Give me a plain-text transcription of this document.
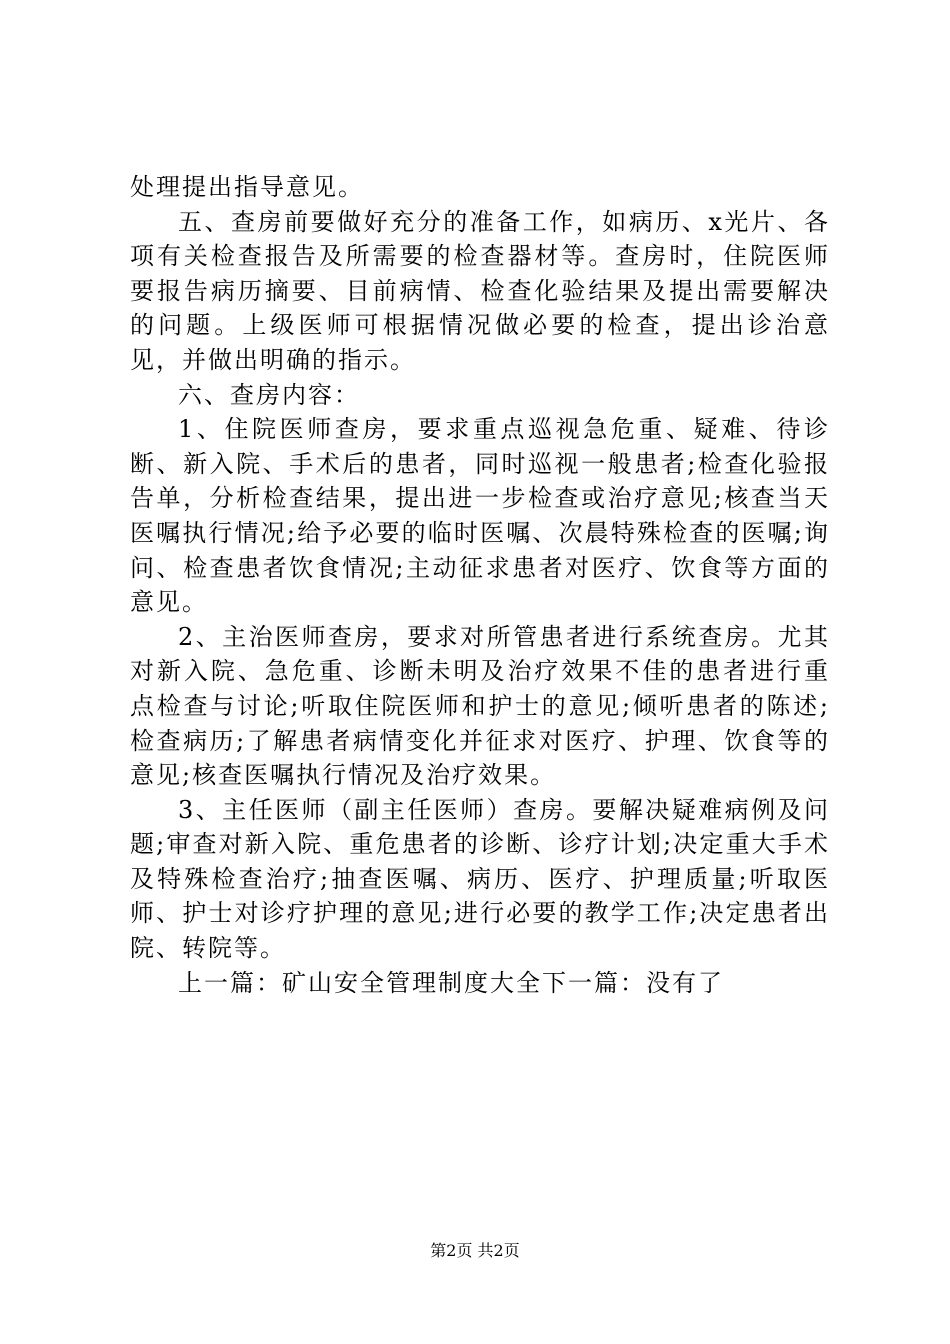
处理提出指导意见。

五、查房前要做好充分的准备工作，如病历、x光片、各项有关检查报告及所需要的检查器材等。查房时，住院医师要报告病历摘要、目前病情、检查化验结果及提出需要解决的问题。上级医师可根据情况做必要的检查，提出诊治意见，并做出明确的指示。

六、查房内容：

1、住院医师查房，要求重点巡视急危重、疑难、待诊断、新入院、手术后的患者，同时巡视一般患者;检查化验报告单，分析检查结果，提出进一步检查或治疗意见;核查当天医嘱执行情况;给予必要的临时医嘱、次晨特殊检查的医嘱;询问、检查患者饮食情况;主动征求患者对医疗、饮食等方面的意见。

2、主治医师查房，要求对所管患者进行系统查房。尤其对新入院、急危重、诊断未明及治疗效果不佳的患者进行重点检查与讨论;听取住院医师和护士的意见;倾听患者的陈述;检查病历;了解患者病情变化并征求对医疗、护理、饮食等的意见;核查医嘱执行情况及治疗效果。

3、主任医师（副主任医师）查房。要解决疑难病例及问题;审查对新入院、重危患者的诊断、诊疗计划;决定重大手术及特殊检查治疗;抽查医嘱、病历、医疗、护理质量;听取医师、护士对诊疗护理的意见;进行必要的教学工作;决定患者出院、转院等。

上一篇：矿山安全管理制度大全下一篇：没有了

第2页 共2页
